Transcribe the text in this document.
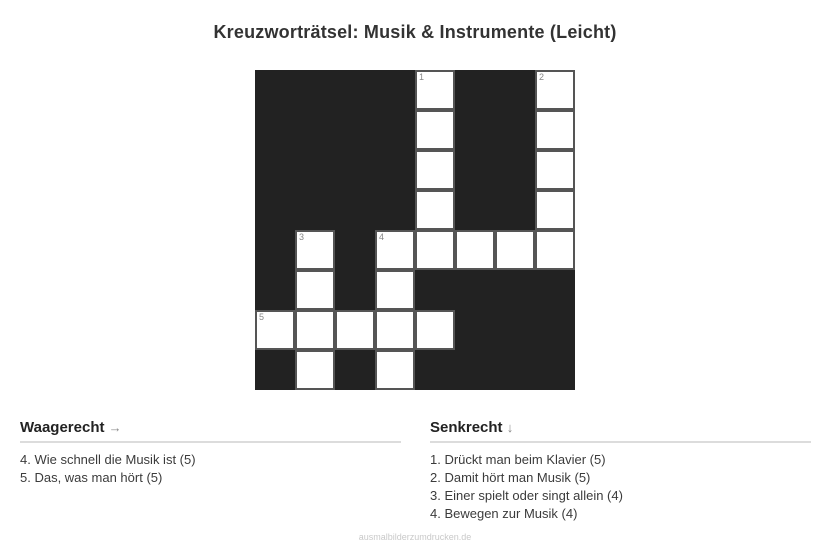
Kreuzworträtsel: Musik & Instrumente (Leicht)
1	2
3	4
5
Waagerecht →
4. Wie schnell die Musik ist (5)
5. Das, was man hört (5)
Senkrecht ↓
1. Drückt man beim Klavier (5)
2. Damit hört man Musik (5)
3. Einer spielt oder singt allein (4)
4. Bewegen zur Musik (4)
ausmalbilderzumdrucken.de
